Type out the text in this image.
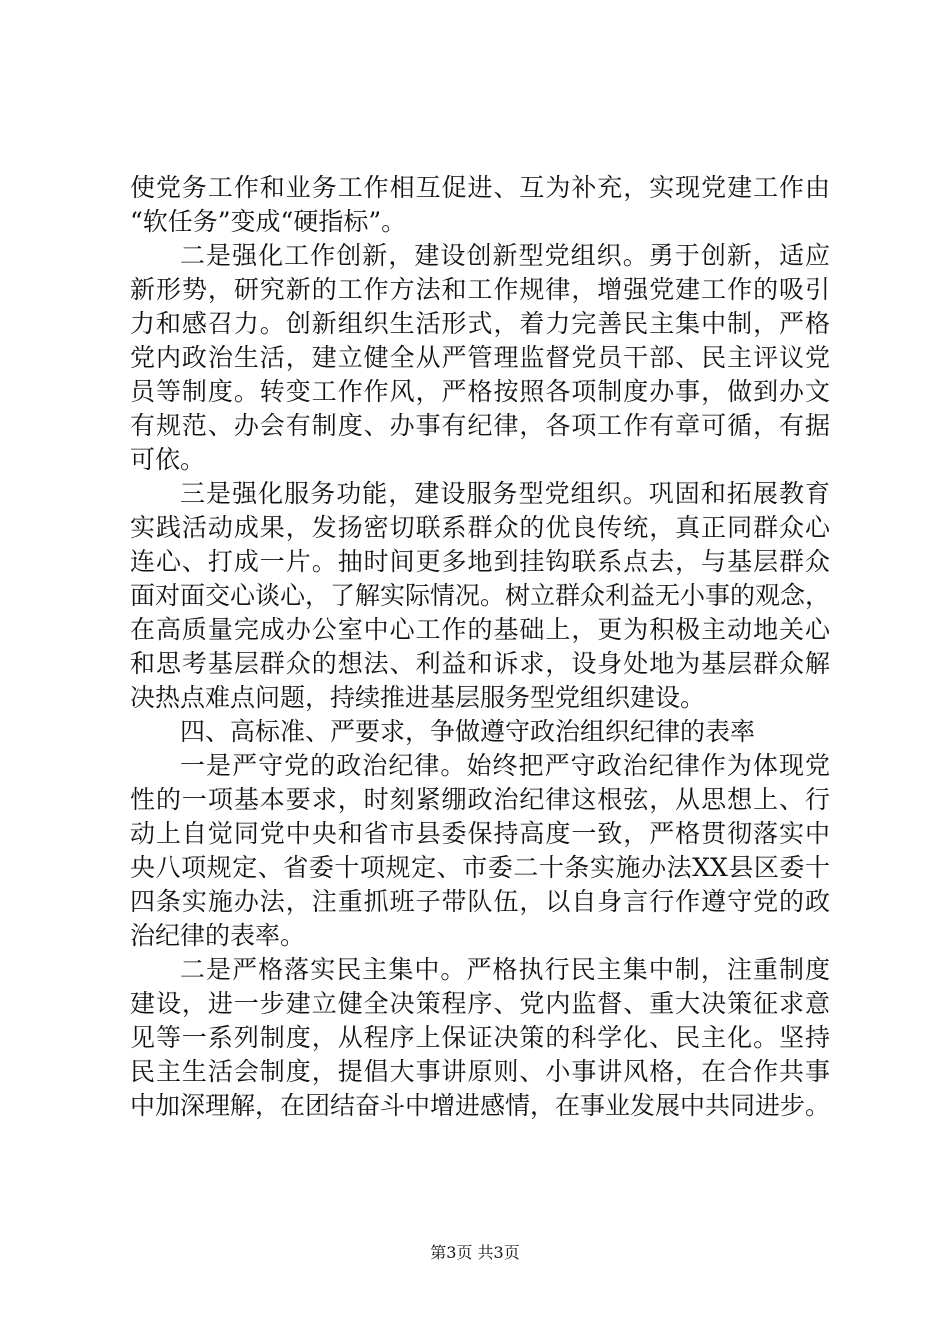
使党务工作和业务工作相互促进、互为补充，实现党建工作由
“软任务”变成“硬指标”。
二是强化工作创新，建设创新型党组织。勇于创新，适应
新形势，研究新的工作方法和工作规律，增强党建工作的吸引
力和感召力。创新组织生活形式，着力完善民主集中制，严格
党内政治生活，建立健全从严管理监督党员干部、民主评议党
员等制度。转变工作作风，严格按照各项制度办事，做到办文
有规范、办会有制度、办事有纪律，各项工作有章可循，有据
可依。
三是强化服务功能，建设服务型党组织。巩固和拓展教育
实践活动成果，发扬密切联系群众的优良传统，真正同群众心
连心、打成一片。抽时间更多地到挂钩联系点去，与基层群众
面对面交心谈心，了解实际情况。树立群众利益无小事的观念，
在高质量完成办公室中心工作的基础上，更为积极主动地关心
和思考基层群众的想法、利益和诉求，设身处地为基层群众解
决热点难点问题，持续推进基层服务型党组织建设。
四、高标准、严要求，争做遵守政治组织纪律的表率
一是严守党的政治纪律。始终把严守政治纪律作为体现党
性的一项基本要求，时刻紧绷政治纪律这根弦，从思想上、行
动上自觉同党中央和省市县委保持高度一致，严格贯彻落实中
央八项规定、省委十项规定、市委二十条实施办法XX县区委十
四条实施办法，注重抓班子带队伍，以自身言行作遵守党的政
治纪律的表率。
二是严格落实民主集中。严格执行民主集中制，注重制度
建设，进一步建立健全决策程序、党内监督、重大决策征求意
见等一系列制度，从程序上保证决策的科学化、民主化。坚持
民主生活会制度，提倡大事讲原则、小事讲风格，在合作共事
中加深理解，在团结奋斗中增进感情，在事业发展中共同进步。
第3页 共3页
